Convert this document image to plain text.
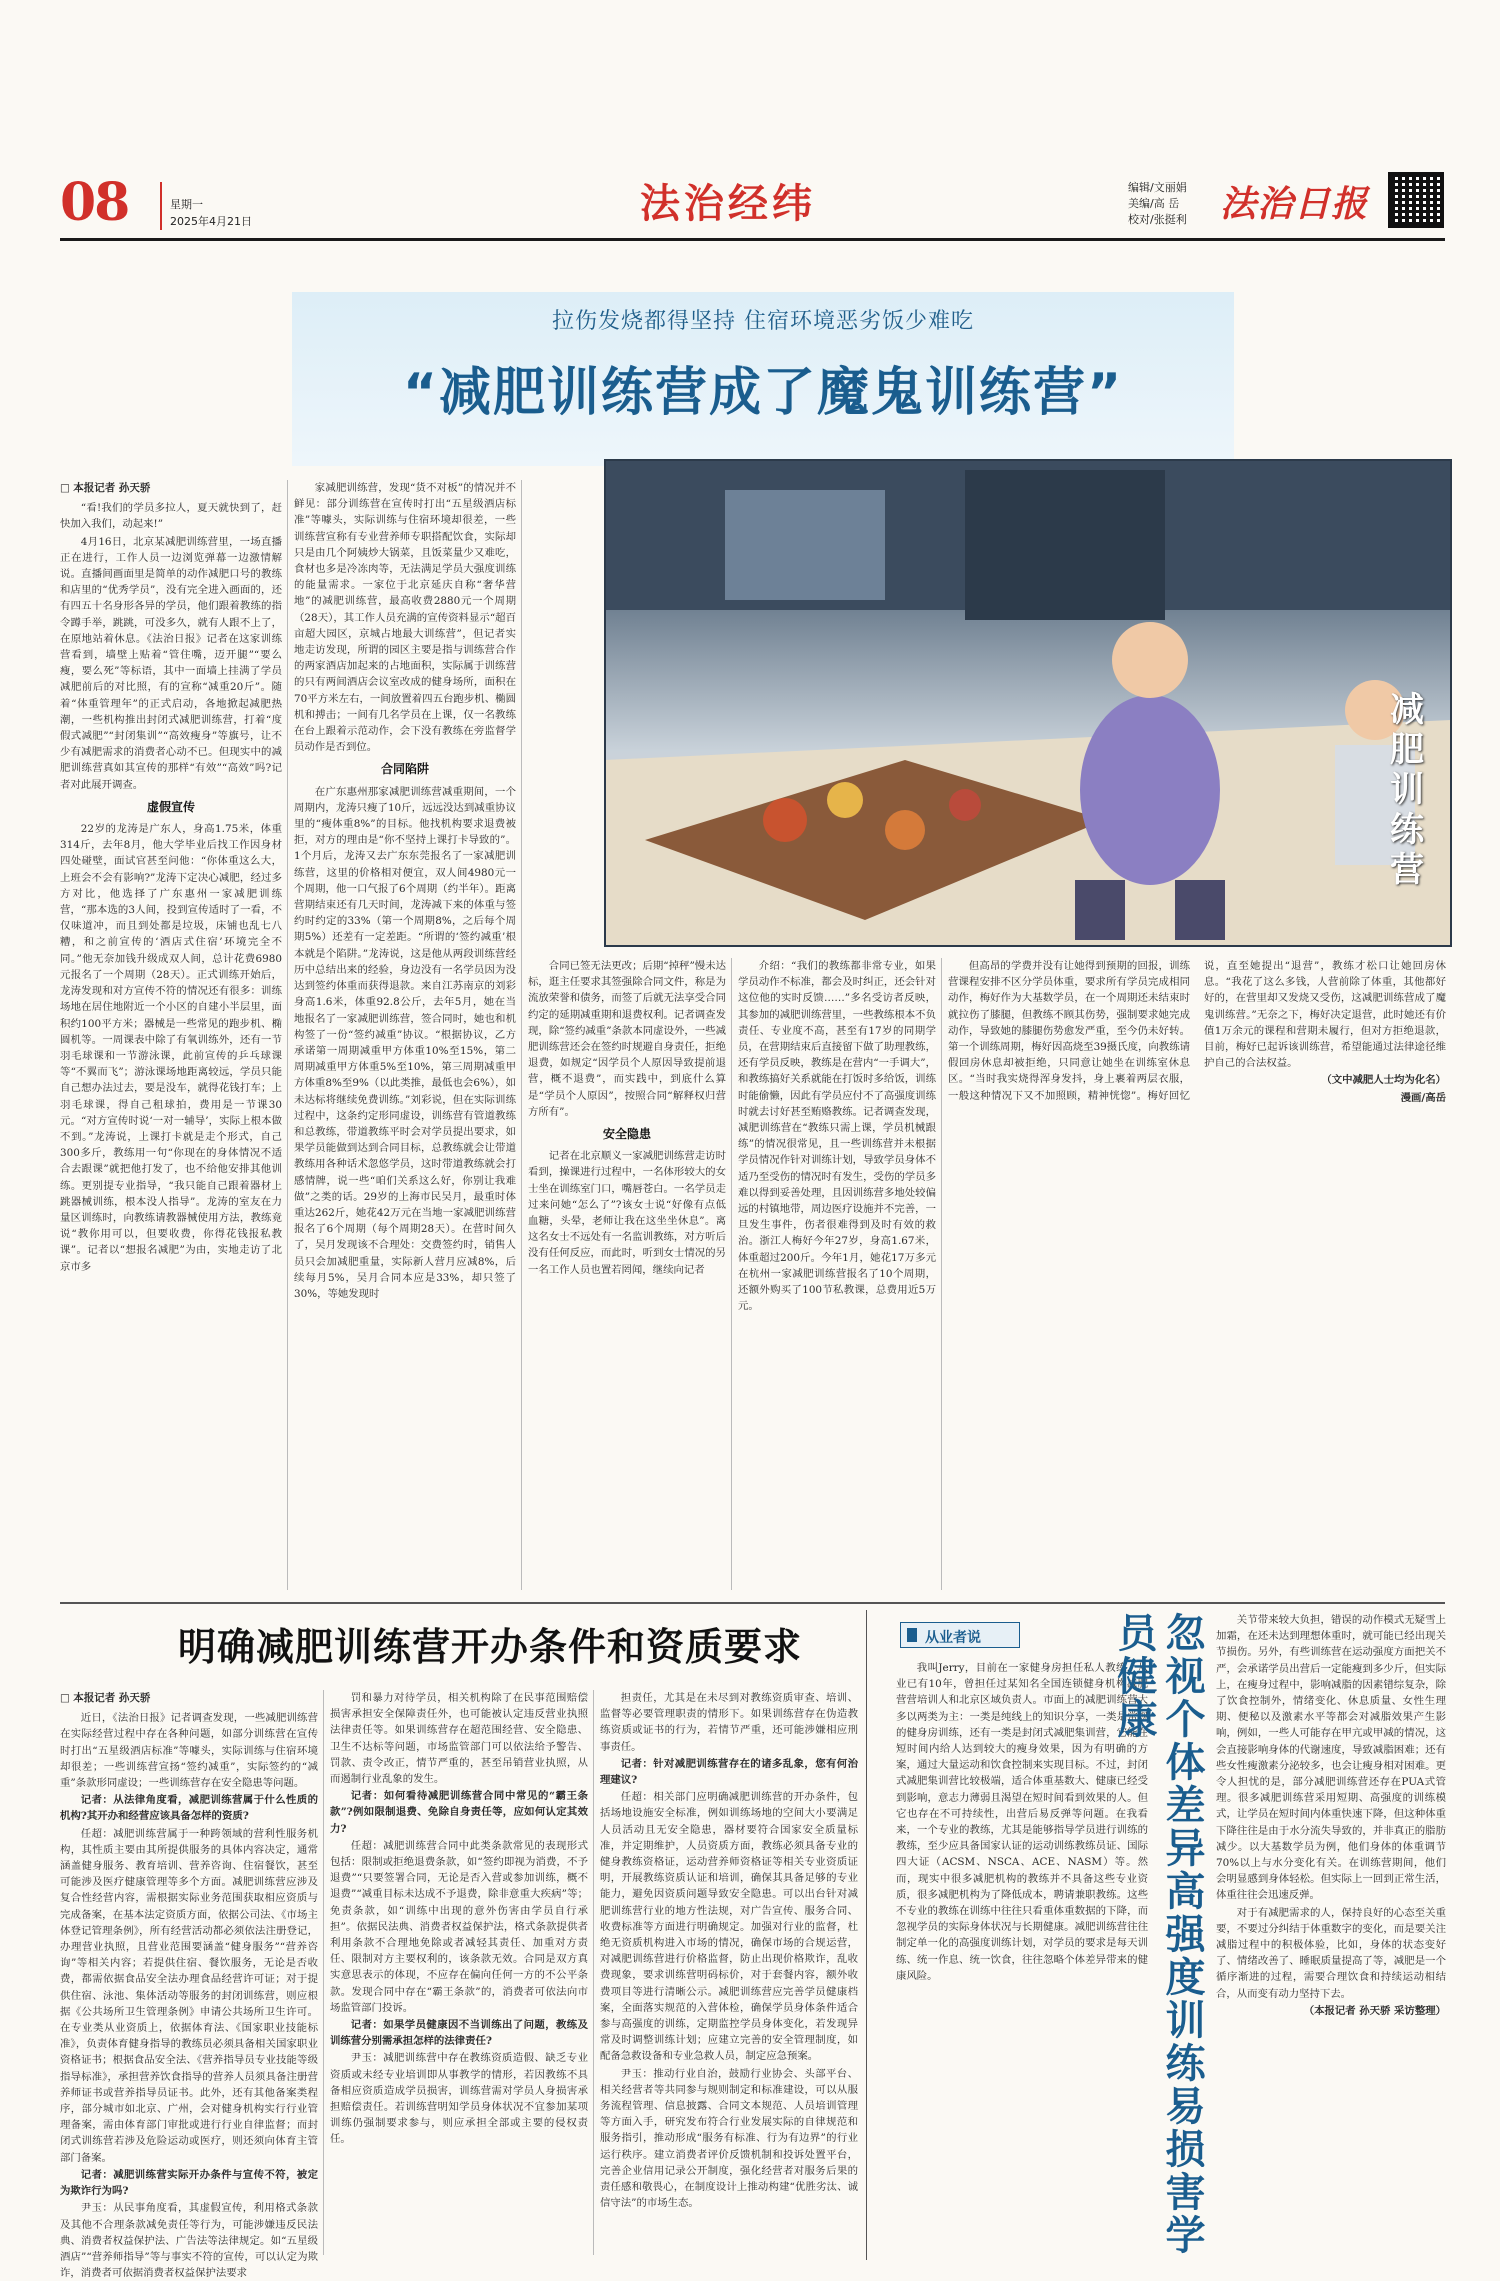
08	星期一
2025年4月21日	法治经纬	编辑/文丽娟
美编/高 岳
校对/张挺利 法治日报
拉伤发烧都得坚持 住宿环境恶劣饭少难吃
“减肥训练营成了魔鬼训练营”
减肥训练营
□ 本报记者 孙天骄

“看!我们的学员多拉人，夏天就快到了，赶快加入我们，动起来!”

4月16日，北京某减肥训练营里，一场直播正在进行，工作人员一边浏览弹幕一边激情解说。直播间画面里是简单的动作减肥口号的教练和店里的“优秀学员”，没有完全进入画面的，还有四五十名身形各异的学员，他们跟着教练的指令蹲手举，跳跳，可没多久，就有人跟不上了，在原地站着休息。《法治日报》记者在这家训练营看到，墙壁上贴着“管住嘴，迈开腿”“要么瘦，要么死”等标语，其中一面墙上挂满了学员减肥前后的对比照，有的宣称“减重20斤”。随着“体重管理年”的正式启动，各地掀起减肥热潮，一些机构推出封闭式减肥训练营，打着“度假式减肥”“封闭集训”“高效瘦身”等旗号，让不少有减肥需求的消费者心动不已。但现实中的减肥训练营真如其宣传的那样“有效”“高效”吗?记者对此展开调查。

虚假宣传

22岁的龙涛是广东人，身高1.75米，体重314斤，去年8月，他大学毕业后找工作因身材四处碰壁，面试官甚至问他：“你体重这么大，上班会不会有影响?”龙涛下定决心减肥，经过多方对比，他选择了广东惠州一家减肥训练营，“那本选的3人间，投到宣传适时了一看，不仅味道冲，而且到处都是垃圾，床铺也乱七八糟，和之前宣传的‘酒店式住宿’环境完全不同。”他无奈加钱升级成双人间，总计花费6980元报名了一个周期（28天）。正式训练开始后，龙涛发现和对方宣传不符的情况还有很多：训练场地在居住地附近一个小区的自建小半层里，面积约100平方米；器械是一些常见的跑步机、椭圆机等。一周课表中除了有氧训练外，还有一节羽毛球课和一节游泳课，此前宣传的乒乓球课等“不翼而飞”；游泳课场地距离较远，学员只能自己想办法过去，要是没车，就得花钱打车；上羽毛球课，得自己租球拍，费用是一节课30元。“对方宣传时说‘一对一辅导’，实际上根本做不到。”龙涛说，上课打卡就是走个形式，自己300多斤，教练用一句“你现在的身体情况不适合去跟课”就把他打发了，也不给他安排其他训练。更别提专业指导，“我只能自己跟着器材上跳器械训练，根本没人指导”。龙涛的室友在力量区训练时，向教练请教器械使用方法，教练竟说“教你用可以，但要收费，你得花钱报私教课”。记者以“想报名减肥”为由，实地走访了北京市多

家减肥训练营，发现“货不对板”的情况并不鲜见：部分训练营在宣传时打出“五星级酒店标准”等噱头，实际训练与住宿环境却很差，一些训练营宣称有专业营养师专职搭配饮食，实际却只是由几个阿姨炒大锅菜，且饭菜量少又难吃，食材也多是冷冻肉等，无法满足学员大强度训练的能量需求。一家位于北京延庆自称“奢华营地”的减肥训练营，最高收费2880元一个周期（28天），其工作人员充满的宣传资料显示“超百亩超大园区，京城占地最大训练营”，但记者实地走访发现，所谓的园区主要是指与训练营合作的两家酒店加起来的占地面积，实际属于训练营的只有两间酒店会议室改成的健身场所，面积在70平方米左右，一间放置着四五台跑步机、椭圆机和搏击；一间有几名学员在上课，仅一名教练在台上跟着示范动作，会下没有教练在旁监督学员动作是否到位。

合同陷阱

在广东惠州那家减肥训练营减重期间，一个周期内，龙涛只瘦了10斤，远远没达到减重协议里的“瘦体重8%”的目标。他找机构要求退费被拒，对方的理由是“你不坚持上课打卡导致的”。1个月后，龙涛又去广东东莞报名了一家减肥训练营，这里的价格相对便宜，双人间4980元一个周期，他一口气报了6个周期（约半年）。距离营期结束还有几天时间，龙涛减下来的体重与签约时约定的33%（第一个周期8%，之后每个周期5%）还差有一定差距。“所谓的‘签约减重’根本就是个陷阱。”龙涛说，这是他从两段训练营经历中总结出来的经验，身边没有一名学员因为没达到签约体重而获得退款。来自江苏南京的刘彩身高1.6米，体重92.8公斤，去年5月，她在当地报名了一家减肥训练营，签合同时，她也和机构签了一份“签约减重”协议。“根据协议，乙方承诺第一周期减重甲方体重10%至15%，第二周期减重甲方体重5%至10%，第三周期减重甲方体重8%至9%（以此类推，最低也会6%），如未达标将继续免费训练。”刘彩说，但在实际训练过程中，这条约定形同虚设，训练营有管道教练和总教练，带道教练平时会对学员提出要求，如果学员能做到达到合同目标，总教练就会让带道教练用各种话术忽悠学员，这时带道教练就会打感情牌，说一些“咱们关系这么好，你别让我难做”之类的话。29岁的上海市民吴月，最重时体重达262斤，她花42万元在当地一家减肥训练营报名了6个周期（每个周期28天）。在营时间久了，吴月发现该不合理处：交费签约时，销售人员只会加减肥重量，实际新人营月应减8%，后续每月5%，吴月合同本应是33%，却只签了30%，等她发现时

合同已签无法更改；后期“掉秤”慢未达标，逛主任要求其签强除合同文件，称是为流放荣誉和债务，而签了后就无法享受合同约定的延期减重期和退费权利。记者调查发现，除“签约减重”条款本同虚设外，一些减肥训练营还会在签约时规避自身责任，拒绝退费，如规定“因学员个人原因导致提前退营，概不退费”，而实践中，到底什么算是“学员个人原因”，按照合同“解释权归营方所有”。

安全隐患

记者在北京顺义一家减肥训练营走访时看到，操课进行过程中，一名体形较大的女士坐在训练室门口，嘴唇苍白。一名学员走过来问她“怎么了”?该女士说“好像有点低血糖，头晕，老师让我在这坐坐休息”。离这名女士不远处有一名监训教练，对方听后没有任何反应，而此时，听到女士情况的另一名工作人员也置若罔闻，继续向记者

介绍：“我们的教练都非常专业，如果学员动作不标准，都会及时纠正，还会针对这位他的实时反馈……”多名受访者反映，其参加的减肥训练营里，一些教练根本不负责任、专业度不高，甚至有17岁的同期学员，在营期结束后直接留下做了助理教练，还有学员反映，教练是在营内“一手调大”，和教练搞好关系就能在打饭时多给饭，训练时能偷懒，因此有学员应付不了高强度训练时就去讨好甚至贿赂教练。记者调查发现，减肥训练营在“教练只需上课，学员机械跟练”的情况很常见，且一些训练营并未根据学员情况作针对训练计划，导致学员身体不适乃至受伤的情况时有发生，受伤的学员多难以得到妥善处理，且因训练营多地处较偏远的村镇地带，周边医疗设施并不完善，一旦发生事件，伤者很难得到及时有效的救治。浙江人梅好今年27岁，身高1.67米，体重超过200斤。今年1月，她花17万多元在杭州一家减肥训练营报名了10个周期，还额外购买了100节私教课，总费用近5万元。

但高昂的学费并没有让她得到预期的回报，训练营课程安排不区分学员体重，要求所有学员完成相同动作，梅好作为大基数学员，在一个周期还未结束时就拉伤了膝腿，但教练不顾其伤势，强制要求她完成动作，导致她的膝腿伤势愈发严重，至今仍未好转。第一个训练周期，梅好因高烧至39摄氏度，向教练请假回房休息却被拒绝，只同意让她坐在训练室休息区。“当时我实烧得浑身发抖，身上裹着两层衣服，一般这种情况下又不加照顾，精神恍惚”。梅好回忆说，直至她提出“退营”，教练才松口让她回房休息。“我花了这么多钱，人营前除了体重，其他都好好的，在营里却又发烧又受伤，这减肥训练营成了魔鬼训练营。”无奈之下，梅好决定退营，此时她还有价值1万余元的课程和营期未履行，但对方拒绝退款，目前，梅好已起诉该训练营，希望能通过法律途径维护自己的合法权益。

（文中减肥人士均为化名）

漫画/高岳

明确减肥训练营开办条件和资质要求
□ 本报记者 孙天骄

近日，《法治日报》记者调查发现，一些减肥训练营在实际经营过程中存在各种问题，如部分训练营在宣传时打出“五星级酒店标准”等噱头，实际训练与住宿环境却很差；一些训练营宣扬“签约减重”，实际签约的“减重”条款形同虚设；一些训练营存在安全隐患等问题。

记者：从法律角度看，减肥训练营属于什么性质的机构?其开办和经营应该具备怎样的资质?

任超：减肥训练营属于一种跨领域的营利性服务机构，其性质主要由其所提供服务的具体内容决定，通常涵盖健身服务、教育培训、营养咨询、住宿餐饮，甚至可能涉及医疗健康管理等多个方面。减肥训练营应涉及复合性经营内容，需根据实际业务范围获取相应资质与完成备案，在基本法定资质方面，依据公司法、《市场主体登记管理条例》，所有经营活动都必须依法注册登记，办理营业执照，且营业范围要涵盖“健身服务”“营养咨询”等相关内容；若提供住宿、餐饮服务，无论是否收费，都需依据食品安全法办理食品经营许可证；对于提供住宿、泳池、集体活动等服务的封闭训练营，则应根据《公共场所卫生管理条例》申请公共场所卫生许可。在专业类从业资质上，依据体育法、《国家职业技能标准》，负责体育健身指导的教练员必须具备相关国家职业资格证书；根据食品安全法、《营养指导员专业技能等级指导标准》，承担营养饮食指导的营养人员须具备注册营养师证书或营养指导员证书。此外，还有其他备案类程序，部分城市如北京、广州，会对健身机构实行行业管理备案，需由体育部门审批或进行行业自律监督；而封闭式训练营若涉及危险运动或医疗，则还须向体育主管部门备案。

记者：减肥训练营实际开办条件与宣传不符，被定为欺诈行为吗?

尹玉：从民事角度看，其虚假宣传，利用格式条款及其他不合理条款减免责任等行为，可能涉嫌违反民法典、消费者权益保护法、广告法等法律规定。如“五星级酒店”“营养师指导”等与事实不符的宣传，可以认定为欺诈，消费者可依据消费者权益保护法要求

罚和暴力对待学员，相关机构除了在民事范围赔偿损害承担安全保障责任外，也可能被认定违反营业执照法律责任等。如果训练营存在超范围经营、安全隐患、卫生不达标等问题，市场监管部门可以依法给予警告、罚款、责令改正，情节严重的，甚至吊销营业执照，从而遏制行业乱象的发生。

记者：如何看待减肥训练营合同中常见的“霸王条款”?例如限制退费、免除自身责任等，应如何认定其效力?

任超：减肥训练营合同中此类条款常见的表现形式包括：限制或拒绝退费条款，如“签约即视为消费，不予退费”“只要签署合同，无论是否入营或参加训练，概不退费”“减重目标未达成不予退费，除非意重大疾病”等；免责条款，如“训练中出现的意外伤害由学员自行承担”。依据民法典、消费者权益保护法，格式条款提供者利用条款不合理地免除或者减轻其责任、加重对方责任、限制对方主要权利的，该条款无效。合同是双方真实意思表示的体现，不应存在偏向任何一方的不公平条款。发现合同中存在“霸王条款”的，消费者可依法向市场监管部门投诉。

记者：如果学员健康因不当训练出了问题，教练及训练营分别需承担怎样的法律责任?

尹玉：减肥训练营中存在教练资质造假、缺乏专业资质或未经专业培训即从事教学的情形，若因教练不具备相应资质造成学员损害，训练营需对学员人身损害承担赔偿责任。若训练营明知学员身体状况不宜参加某项训练仍强制要求参与，则应承担全部或主要的侵权责任。

担责任，尤其是在未尽到对教练资质审查、培训、监督等必要管理职责的情形下。如果训练营存在伪造教练资质或证书的行为，若情节严重，还可能涉嫌相应刑事责任。

记者：针对减肥训练营存在的诸多乱象，您有何治理建议?

任超：相关部门应明确减肥训练营的开办条件，包括场地设施安全标准，例如训练场地的空间大小要满足人员活动且无安全隐患，器材要符合国家安全质量标准，并定期维护，人员资质方面，教练必须具备专业的健身教练资格证，运动营养师资格证等相关专业资质证明，开展教练资质认证和培训，确保其具备足够的专业能力，避免因资质问题导致安全隐患。可以出台针对减肥训练营行业的地方性法规，对广告宣传、服务合同、收费标准等方面进行明确规定。加强对行业的监督，杜绝无资质机构进入市场的情况，确保市场的合规运营，对减肥训练营进行价格监督，防止出现价格欺诈，乱收费现象，要求训练营明码标价，对于套餐内容，额外收费项目等进行清晰公示。减肥训练营应完善学员健康档案，全面落实规范的入营体检，确保学员身体条件适合参与高强度的训练，定期监控学员身体变化，若发现异常及时调整训练计划；应建立完善的安全管理制度，如配备急救设备和专业急救人员，制定应急预案。

尹玉：推动行业自治，鼓励行业协会、头部平台、相关经营者等共同参与规则制定和标准建设，可以从服务流程管理、信息披露、合同文本规范、人员培训管理等方面入手，研究发布符合行业发展实际的自律规范和服务指引，推动形成“服务有标准、行为有边界”的行业运行秩序。建立消费者评价反馈机制和投诉处置平台，完善企业信用记录公开制度，强化经营者对服务后果的责任感和敬畏心，在制度设计上推动构建“优胜劣汰、诚信守法”的市场生态。

从业者说

我叫Jerry，目前在一家健身房担任私人教练，从业已有10年，曾担任过某知名全国连锁健身机构减肥营营培训人和北京区域负责人。市面上的减肥训练营大多以两类为主：一类是纯线上的知识分享，一类是常规的健身房训练，还有一类是封闭式减肥集训营，它能在短时间内给人达到较大的瘦身效果，因为有明确的方案，通过大量运动和饮食控制来实现目标。不过，封闭式减肥集训营比较极端，适合体重基数大、健康已经受到影响，意志力薄弱且渴望在短时间看到效果的人。但它也存在不可持续性，出营后易反弹等问题。在我看来，一个专业的教练，尤其是能够指导学员进行训练的教练，至少应具备国家认证的运动训练教练员证、国际四大证（ACSM、NSCA、ACE、NASM）等。然而，现实中很多减肥机构的教练并不具备这些专业资质，很多减肥机构为了降低成本，聘请兼职教练。这些不专业的教练在训练中往往只看重体重数据的下降，而忽视学员的实际身体状况与长期健康。减肥训练营往往制定单一化的高强度训练计划，对学员的要求是每天训练、统一作息、统一饮食，往往忽略个体差异带来的健康风险。	忽视个体差异高强度训练易损害学员健康	关节带来较大负担，错误的动作模式无疑雪上加霜，在还未达到理想体重时，就可能已经出现关节损伤。另外，有些训练营在运动强度方面把关不严，会承诺学员出营后一定能瘦到多少斤，但实际上，在瘦身过程中，影响减脂的因素错综复杂，除了饮食控制外，情绪变化、休息质量、女性生理期、便秘以及激素水平等都会对减脂效果产生影响，例如，一些人可能存在甲亢或甲减的情况，这会直接影响身体的代谢速度，导致减脂困难；还有些女性瘦激素分泌较多，也会让瘦身相对困难。更令人担忧的是，部分减肥训练营还存在PUA式管理。很多减肥训练营采用短期、高强度的训练模式，让学员在短时间内体重快速下降，但这种体重下降往往是由于水分流失导致的，并非真正的脂肪减少。以大基数学员为例，他们身体的体重调节70%以上与水分变化有关。在训练营期间，他们会明显感到身体轻松。但实际上一回到正常生活，体重往往会迅速反弹。

对于有减肥需求的人，保持良好的心态至关重要，不要过分纠结于体重数字的变化，而是要关注减脂过程中的积极体验，比如，身体的状态变好了、情绪改善了、睡眠质量提高了等，减肥是一个循序渐进的过程，需要合理饮食和持续运动相结合，从而变有动力坚持下去。

（本报记者 孙天骄 采访整理）
